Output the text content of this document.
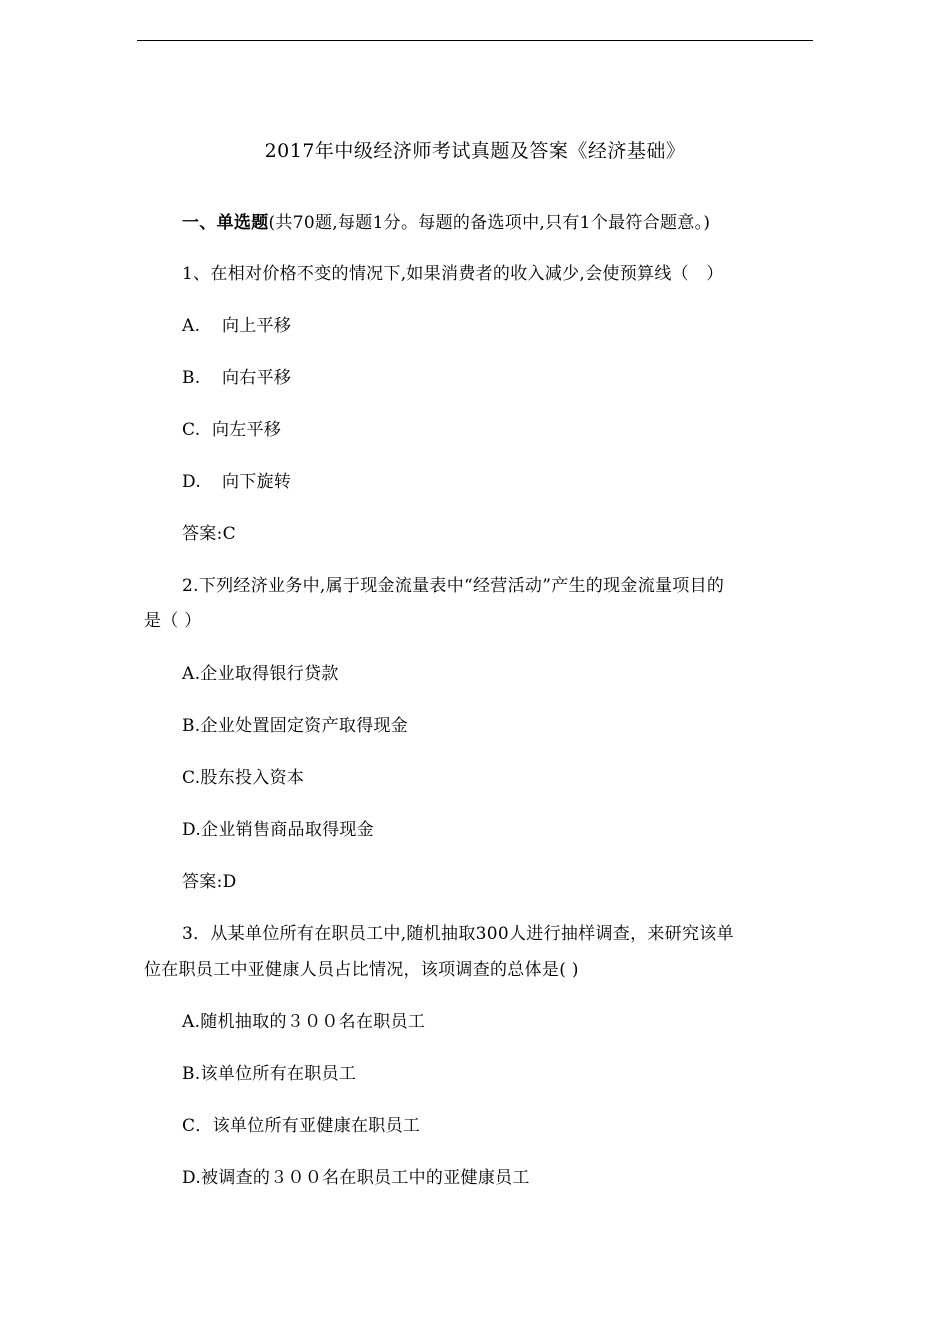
2017年中级经济师考试真题及答案《经济基础》
一、单选题(共70题,每题1分。每题的备选项中,只有1个最符合题意。)
1、在相对价格不变的情况下,如果消费者的收入减少,会使预算线（　）
A. 向上平移
B. 向右平移
C. 向左平移
D. 向下旋转
答案:C
2.下列经济业务中,属于现金流量表中“经营活动”产生的现金流量项目的
是（ ）
A.企业取得银行贷款
B.企业处置固定资产取得现金
C.股东投入资本
D.企业销售商品取得现金
答案:D
3．从某单位所有在职员工中,随机抽取300人进行抽样调查，来研究该单
位在职员工中亚健康人员占比情况，该项调查的总体是( )
A.随机抽取的３００名在职员工
B.该单位所有在职员工
C．该单位所有亚健康在职员工
D.被调查的３００名在职员工中的亚健康员工
